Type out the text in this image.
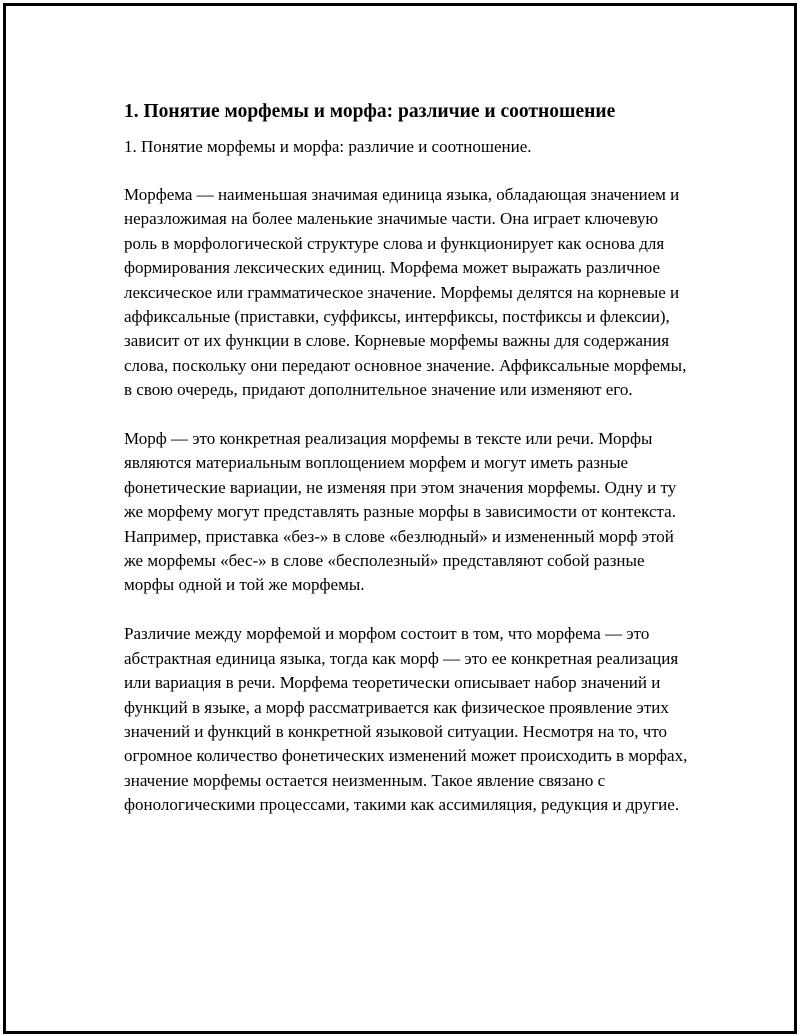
1. Понятие морфемы и морфа: различие и соотношение

1. Понятие морфемы и морфа: различие и соотношение.

Морфема — наименьшая значимая единица языка, обладающая значением и неразложимая на более маленькие значимые части. Она играет ключевую роль в морфологической структуре слова и функционирует как основа для формирования лексических единиц. Морфема может выражать различное лексическое или грамматическое значение. Морфемы делятся на корневые и аффиксальные (приставки, суффиксы, интерфиксы, постфиксы и флексии), зависит от их функции в слове. Корневые морфемы важны для содержания слова, поскольку они передают основное значение. Аффиксальные морфемы, в свою очередь, придают дополнительное значение или изменяют его.

Морф — это конкретная реализация морфемы в тексте или речи. Морфы являются материальным воплощением морфем и могут иметь разные фонетические вариации, не изменяя при этом значения морфемы. Одну и ту же морфему могут представлять разные морфы в зависимости от контекста. Например, приставка «без-» в слове «безлюдный» и измененный морф этой же морфемы «бес-» в слове «бесполезный» представляют собой разные морфы одной и той же морфемы.

Различие между морфемой и морфом состоит в том, что морфема — это абстрактная единица языка, тогда как морф — это ее конкретная реализация или вариация в речи. Морфема теоретически описывает набор значений и функций в языке, а морф рассматривается как физическое проявление этих значений и функций в конкретной языковой ситуации. Несмотря на то, что огромное количество фонетических изменений может происходить в морфах, значение морфемы остается неизменным. Такое явление связано с фонологическими процессами, такими как ассимиляция, редукция и другие.
